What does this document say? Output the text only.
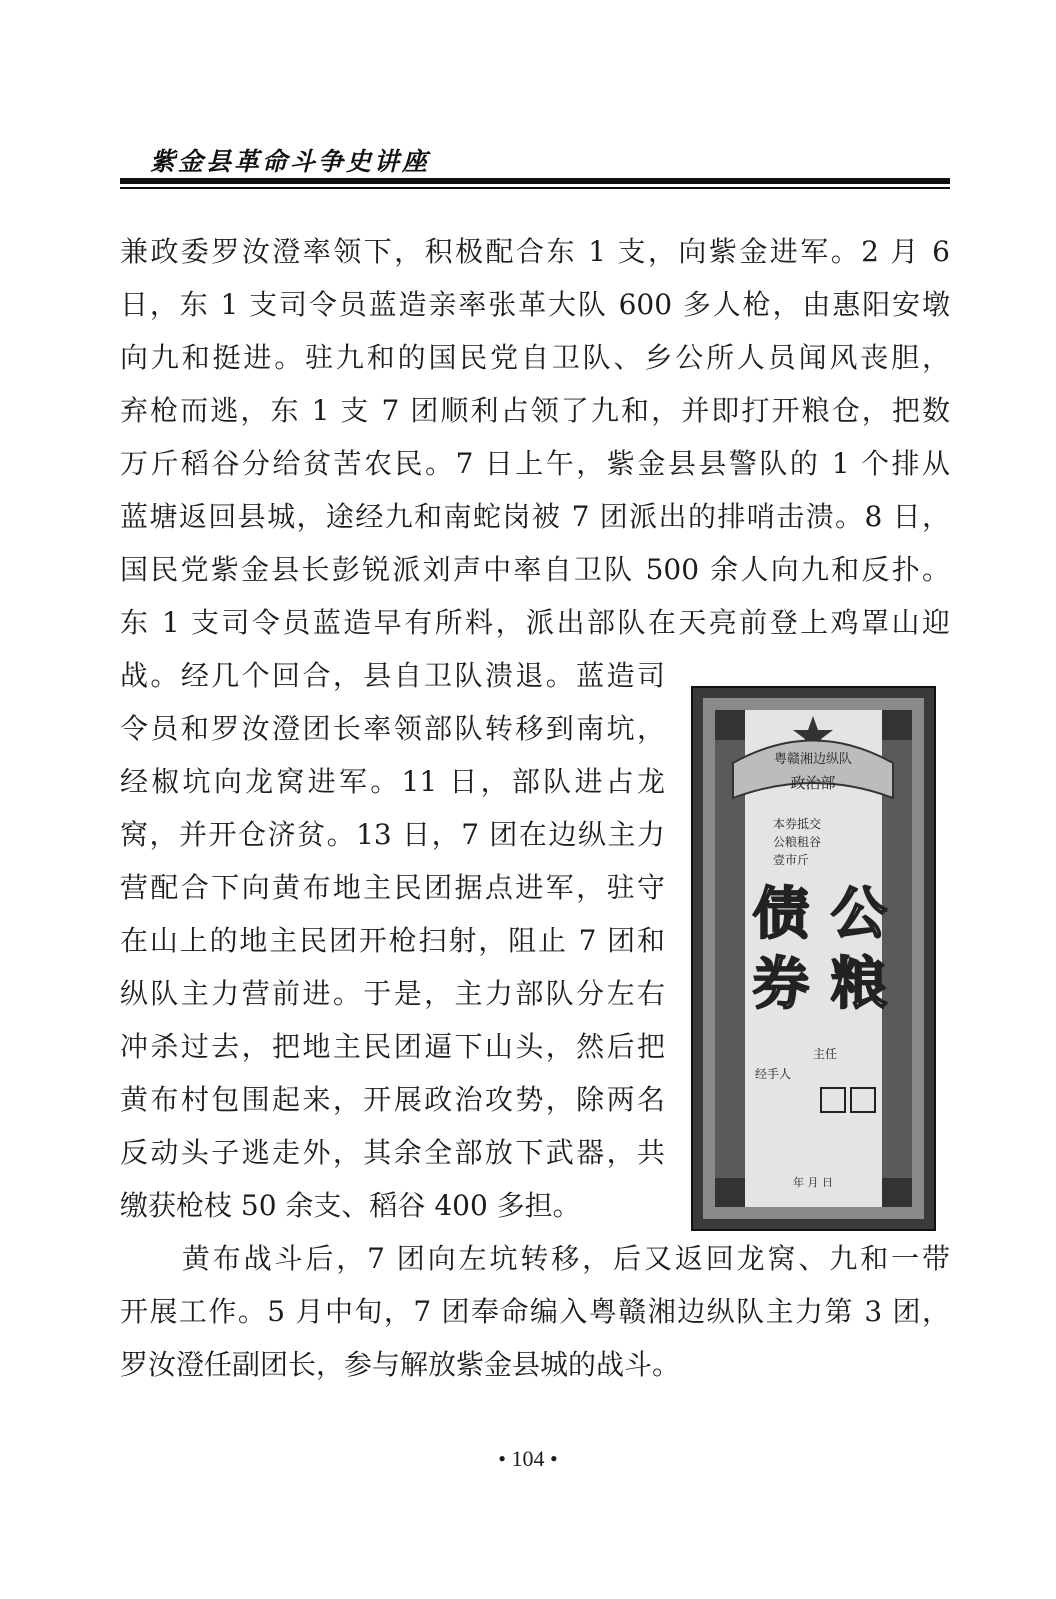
紫金县革命斗争史讲座
兼政委罗汝澄率领下，积极配合东 1 支，向紫金进军。2 月 6
日，东 1 支司令员蓝造亲率张革大队 600 多人枪，由惠阳安墩
向九和挺进。驻九和的国民党自卫队、乡公所人员闻风丧胆，
弃枪而逃，东 1 支 7 团顺利占领了九和，并即打开粮仓，把数
万斤稻谷分给贫苦农民。7 日上午，紫金县县警队的 1 个排从
蓝塘返回县城，途经九和南蛇岗被 7 团派出的排哨击溃。8 日，
国民党紫金县长彭锐派刘声中率自卫队 500 余人向九和反扑。
东 1 支司令员蓝造早有所料，派出部队在天亮前登上鸡罩山迎
战。经几个回合，县自卫队溃退。蓝造司
令员和罗汝澄团长率领部队转移到南坑，
经椒坑向龙窝进军。11 日，部队进占龙
窝，并开仓济贫。13 日，7 团在边纵主力
营配合下向黄布地主民团据点进军，驻守
在山上的地主民团开枪扫射，阻止 7 团和
纵队主力营前进。于是，主力部队分左右
冲杀过去，把地主民团逼下山头，然后把
黄布村包围起来，开展政治攻势，除两名
反动头子逃走外，其余全部放下武器，共
缴获枪枝 50 余支、稻谷 400 多担。
　　黄布战斗后，7 团向左坑转移，后又返回龙窝、九和一带
开展工作。5 月中旬，7 团奉命编入粤赣湘边纵队主力第 3 团，
罗汝澄任副团长，参与解放紫金县城的战斗。
粤赣湘边纵队
政治部
本券抵交
公粮租谷
壹市斤
公
粮
债
券
主任
经手人
年 月 日
• 104 •
